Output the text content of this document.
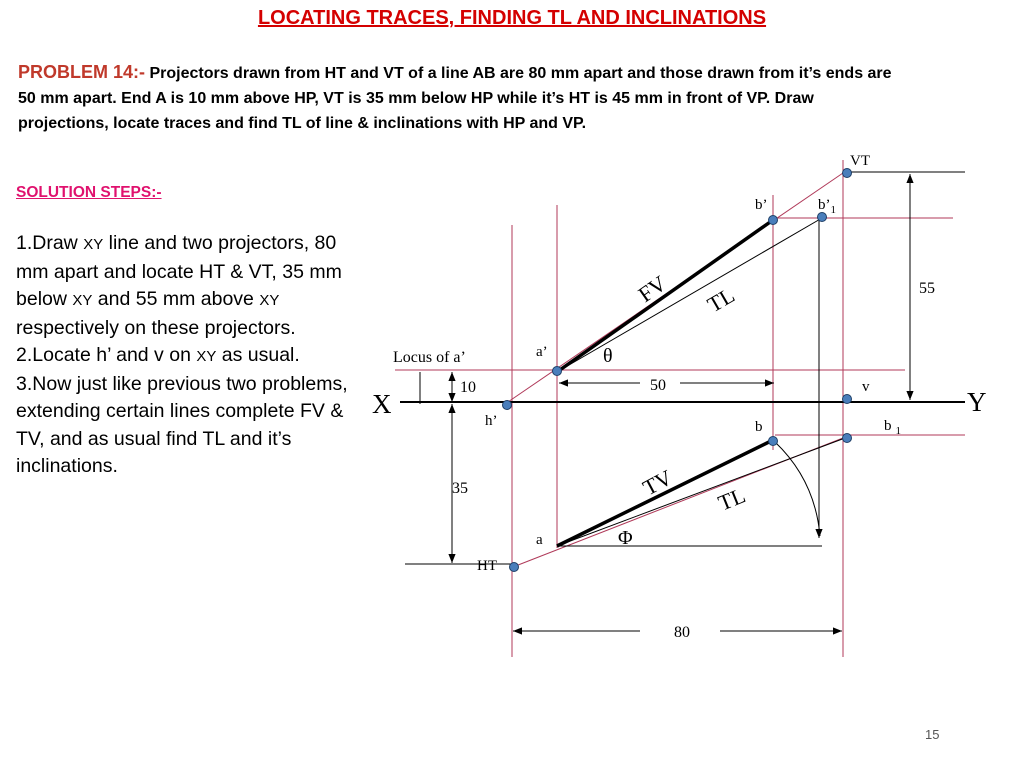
LOCATING TRACES, FINDING TL AND INCLINATIONS
PROBLEM 14:- Projectors drawn from HT and VT of a line AB are 80 mm apart and those drawn from it’s ends are 50 mm apart. End A is 10 mm above HP, VT is 35 mm below HP while it’s HT is 45 mm in front of VP. Draw projections, locate traces and find TL of line & inclinations with HP and VP.
SOLUTION STEPS:-

1.Draw XY line and two projectors, 80 mm apart and locate HT & VT, 35 mm below XY and 55 mm above XY respectively on these projectors.

2.Locate h’ and v on XY as usual.

3.Now just like previous two problems, extending certain lines complete FV & TV, and as usual find TL and it’s inclinations.

X	Y
VT
HT
b’	$b’_1$
a’
h’
v
b	b $_1$
a
Locus of a’
10
35
50
55
80
θ
Φ
FV TL
TV TL
15
